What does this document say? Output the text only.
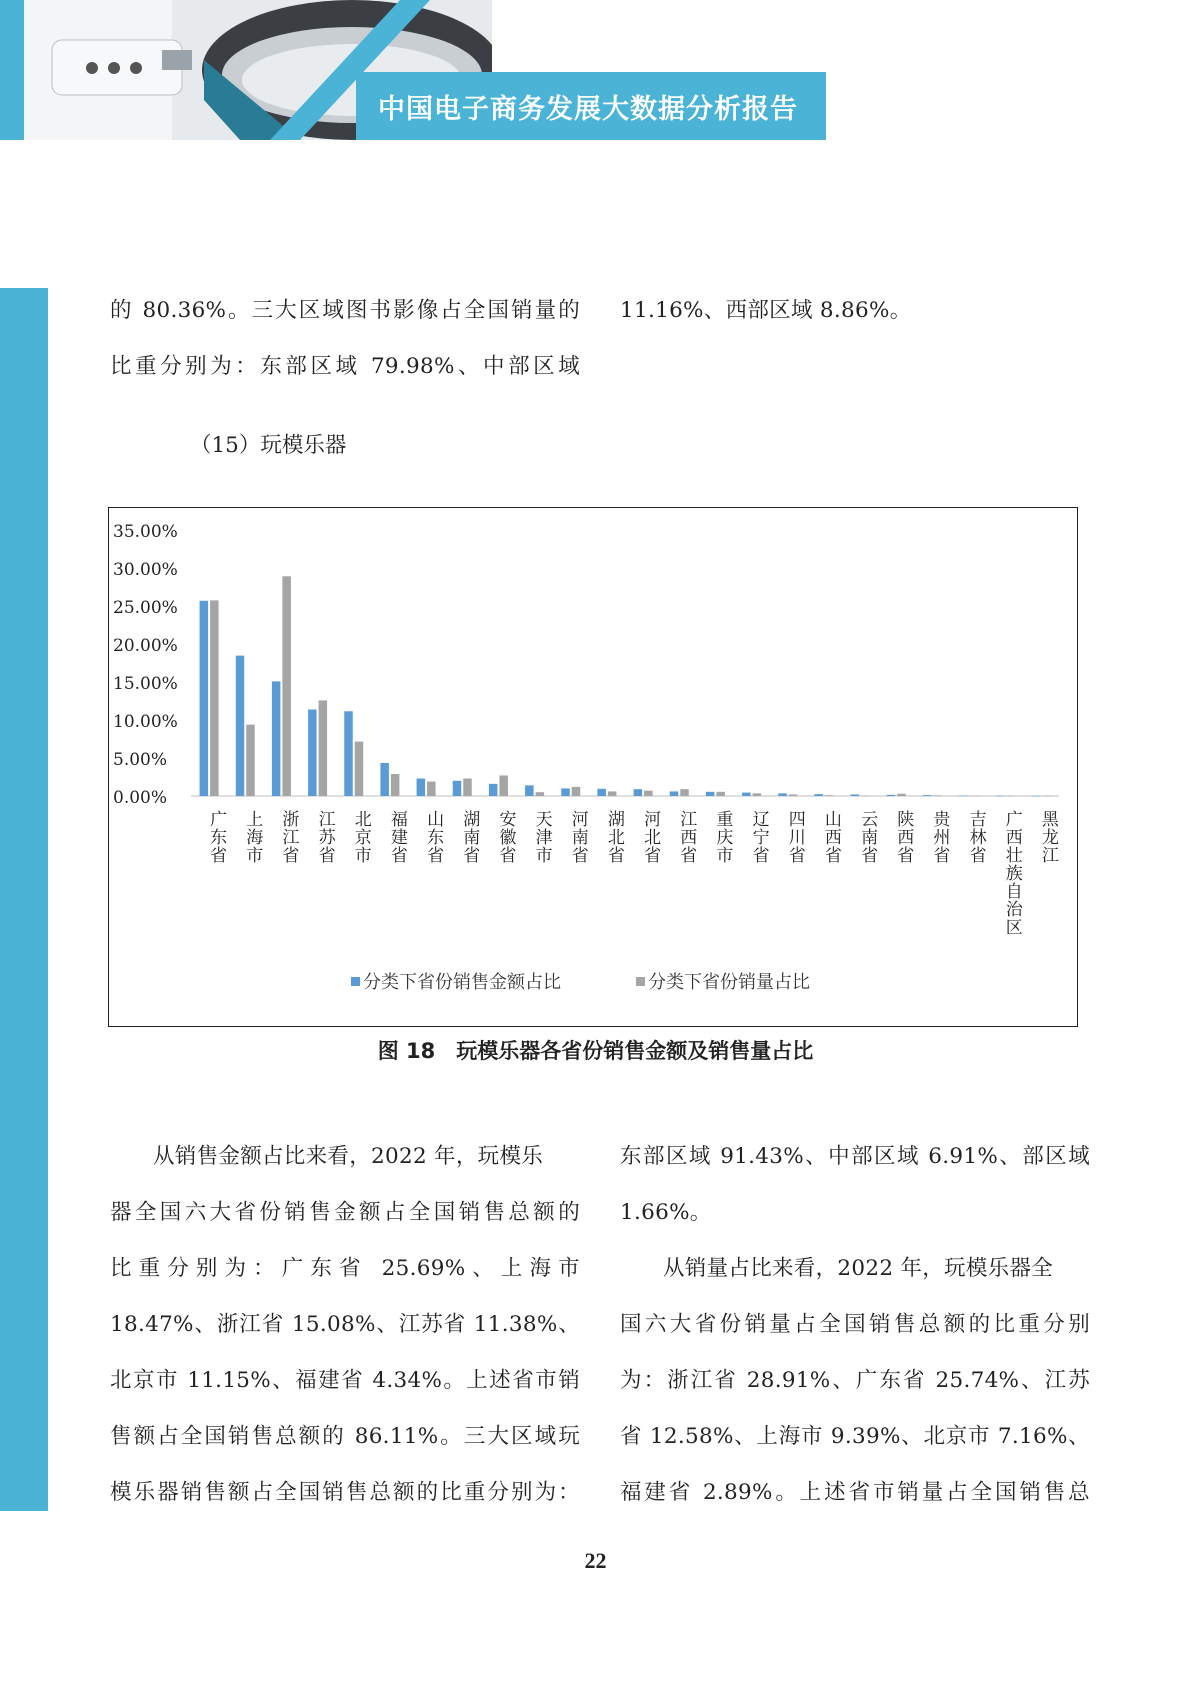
中国电子商务发展大数据分析报告

的 80.36%。三大区域图书影像占全国销量的

比重分别为：东部区域 79.98%、中部区域

11.16%、西部区域 8.86%。

（15）玩模乐器
35.00%
30.00%
25.00%
20.00%
15.00%
10.00%
5.00%
0.00%
广东省 上海市 浙江省 江苏省 北京市 福建省 山东省 湖南省 安徽省 天津市 河南省 湖北省 河北省 江西省 重庆市 辽宁省 四川省 山西省 云南省 陕西省 贵州省 吉林省 广西壮族自治区 黑龙江
分类下省份销售金额占比	分类下省份销量占比
图 18　玩模乐器各省份销售金额及销售量占比

从销售金额占比来看，2022 年，玩模乐

器全国六大省份销售金额占全国销售总额的

比重分别为：广东省 25.69%、上海市

18.47%、浙江省 15.08%、江苏省 11.38%、

北京市 11.15%、福建省 4.34%。上述省市销

售额占全国销售总额的 86.11%。三大区域玩

模乐器销售额占全国销售总额的比重分别为：

东部区域 91.43%、中部区域 6.91%、部区域

1.66%。

从销量占比来看，2022 年，玩模乐器全

国六大省份销量占全国销售总额的比重分别

为：浙江省 28.91%、广东省 25.74%、江苏

省 12.58%、上海市 9.39%、北京市 7.16%、

福建省 2.89%。上述省市销量占全国销售总

22
